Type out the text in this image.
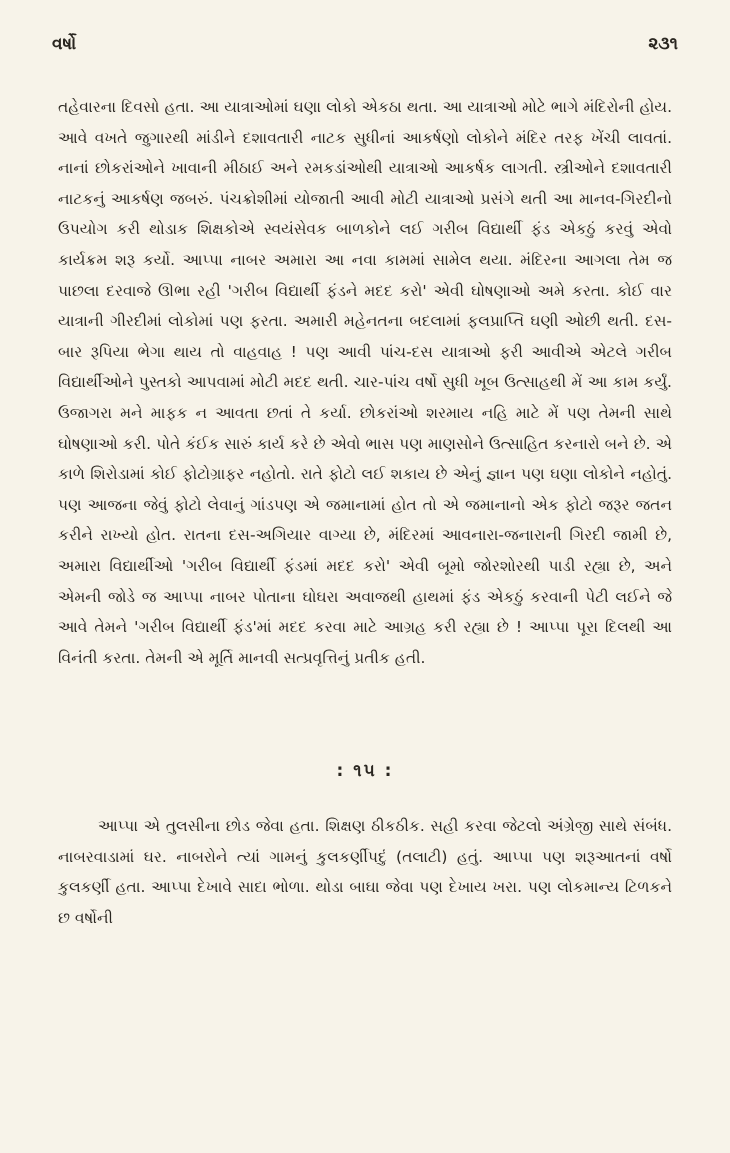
વર્ષો	૨૩૧

તહેવારના દિવસો હતા. આ યાત્રાઓમાં ઘણા લોકો એકઠા થતા. આ યાત્રાઓ મોટે ભાગે મંદિરોની હોય. આવે વખતે જુગારથી માંડીને દશાવતારી નાટક સુધીનાં આકર્ષણો લોકોને મંદિર તરફ ખેંચી લાવતાં. નાનાં છોકરાંઓને ખાવાની મીઠાઈ અને રમકડાંઓથી યાત્રાઓ આકર્ષક લાગતી. સ્ત્રીઓને દશાવતારી નાટકનું આકર્ષણ જબરું. પંચક્રોશીમાં યોજાતી આવી મોટી યાત્રાઓ પ્રસંગે થતી આ માનવ-ગિરદીનો ઉપયોગ કરી થોડાક શિક્ષકોએ સ્વયંસેવક બાળકોને લઈ ગરીબ વિદ્યાર્થી ફંડ એકઠું કરવું એવો કાર્યક્રમ શરૂ કર્યો. આપ્પા નાબર અમારા આ નવા કામમાં સામેલ થયા. મંદિરના આગલા તેમ જ પાછલા દરવાજે ઊભા રહી 'ગરીબ વિદ્યાર્થી ફંડને મદદ કરો' એવી ઘોષણાઓ અમે કરતા. કોઈ વાર યાત્રાની ગીરદીમાં લોકોમાં પણ ફરતા. અમારી મહેનતના બદલામાં ફલપ્રાપ્તિ ઘણી ઓછી થતી. દસ-બાર રૂપિયા ભેગા થાય તો વાહવાહ ! પણ આવી પાંચ-દસ યાત્રાઓ ફરી આવીએ એટલે ગરીબ વિદ્યાર્થીઓને પુસ્તકો આપવામાં મોટી મદદ થતી. ચાર-પાંચ વર્ષો સુધી ખૂબ ઉત્સાહથી મેં આ કામ કર્યું. ઉજાગરા મને માફક ન આવતા છતાં તે કર્યા. છોકરાંઓ શરમાય નહિ માટે મેં પણ તેમની સાથે ઘોષણાઓ કરી. પોતે કંઈક સારું કાર્ય કરે છે એવો ભાસ પણ માણસોને ઉત્સાહિત કરનારો બને છે. એ કાળે શિરોડામાં કોઈ ફોટોગ્રાફર નહોતો. રાતે ફોટો લઈ શકાય છે એનું જ્ઞાન પણ ઘણા લોકોને નહોતું. પણ આજના જેવું ફોટો લેવાનું ગાંડપણ એ જમાનામાં હોત તો એ જમાનાનો એક ફોટો જરૂર જતન કરીને રાખ્યો હોત. રાતના દસ-અગિયાર વાગ્યા છે, મંદિરમાં આવનારા-જનારાની ગિરદી જામી છે, અમારા વિદ્યાર્થીઓ 'ગરીબ વિદ્યાર્થી ફંડમાં મદદ કરો' એવી બૂમો જોરશોરથી પાડી રહ્યા છે, અને એમની જોડે જ આપ્પા નાબર પોતાના ઘોઘરા અવાજથી હાથમાં ફંડ એકઠું કરવાની પેટી લઈને જે આવે તેમને 'ગરીબ વિદ્યાર્થી ફંડ'માં મદદ કરવા માટે આગ્રહ કરી રહ્યા છે ! આપ્પા પૂરા દિલથી આ વિનંતી કરતા. તેમની એ મૂર્તિ માનવી સત્પ્રવૃત્તિનું પ્રતીક હતી.

: ૧૫ :

આપ્પા એ તુલસીના છોડ જેવા હતા. શિક્ષણ ઠીકઠીક. સહી કરવા જેટલો અંગ્રેજી સાથે સંબંધ. નાબરવાડામાં ઘર. નાબરોને ત્યાં ગામનું કુલકર્ણીપદું (તલાટી) હતું. આપ્પા પણ શરૂઆતનાં વર્ષો કુલકર્ણી હતા. આપ્પા દેખાવે સાદા ભોળા. થોડા બાઘા જેવા પણ દેખાય ખરા. પણ લોકમાન્ય ટિળકને છ વર્ષોની
